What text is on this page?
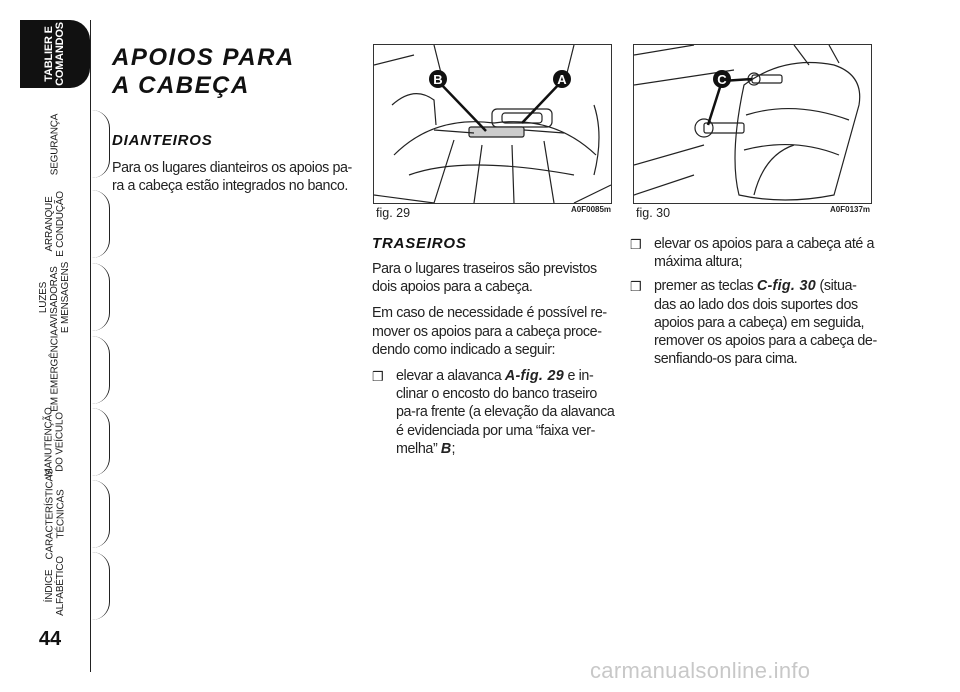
TABLIER E
COMANDOS
SEGURANÇA
ARRANQUE
E CONDUÇÃO
LUZES
AVISADORAS
E MENSAGENS
EM EMERGÊNCIA
MANUTENÇÃO
DO VEÍCULO
CARACTERÍSTICAS
TÉCNICAS
ÍNDICE
ALFABÉTICO
44
APOIOS PARA
A CABEÇA
DIANTEIROS
Para os lugares dianteiros os apoios pa-ra a cabeça estão integrados no banco.
B	A
fig. 29	A0F0085m
C
fig. 30	A0F0137m
TRASEIROS

Para o lugares traseiros são previstos dois apoios para a cabeça.

Em caso de necessidade é possível re-mover os apoios para a cabeça proce-dendo como indicado a seguir:

❒ elevar a alavanca A-fig. 29 e in-clinar o encosto do banco traseiro pa-ra frente (a elevação da alavanca é evidenciada por uma “faixa ver-melha” B;
❒ elevar os apoios para a cabeça até a máxima altura;
❒ premer as teclas C-fig. 30 (situa-das ao lado dos dois suportes dos apoios para a cabeça) em seguida, remover os apoios para a cabeça de-senfiando-os para cima.
carmanualsonline.info
